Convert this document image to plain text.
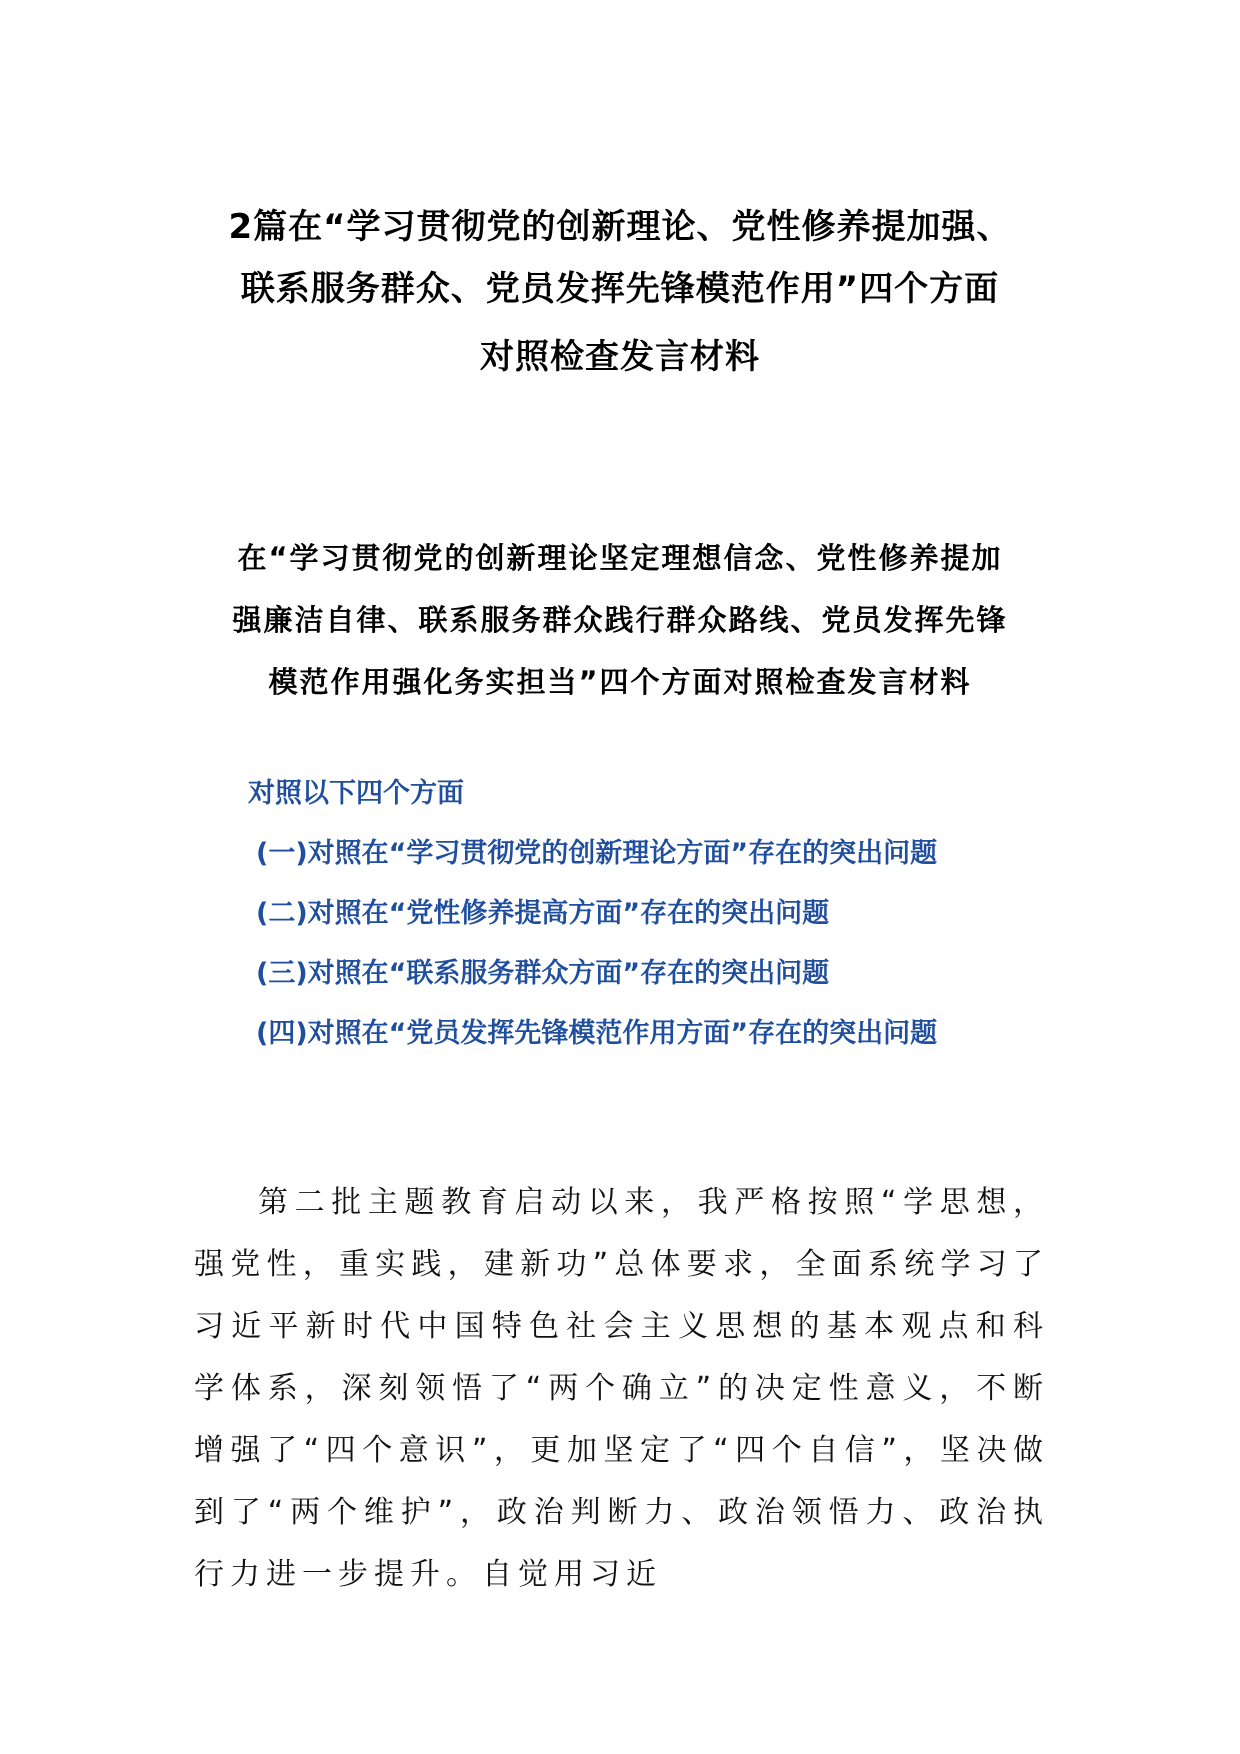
2篇在“学习贯彻党的创新理论、党性修养提加强、
联系服务群众、党员发挥先锋模范作用”四个方面
对照检查发言材料
在“学习贯彻党的创新理论坚定理想信念、党性修养提加
强廉洁自律、联系服务群众践行群众路线、党员发挥先锋
模范作用强化务实担当”四个方面对照检查发言材料
对照以下四个方面
(一)对照在“学习贯彻党的创新理论方面”存在的突出问题
(二)对照在“党性修养提高方面”存在的突出问题
(三)对照在“联系服务群众方面”存在的突出问题
(四)对照在“党员发挥先锋模范作用方面”存在的突出问题

第二批主题教育启动以来，我严格按照“学思想，强党性，重实践，建新功”总体要求，全面系统学习了习近平新时代中国特色社会主义思想的基本观点和科学体系，深刻领悟了“两个确立”的决定性意义，不断增强了“四个意识”，更加坚定了“四个自信”，坚决做到了“两个维护”，政治判断力、政治领悟力、政治执行力进一步提升。自觉用习近
